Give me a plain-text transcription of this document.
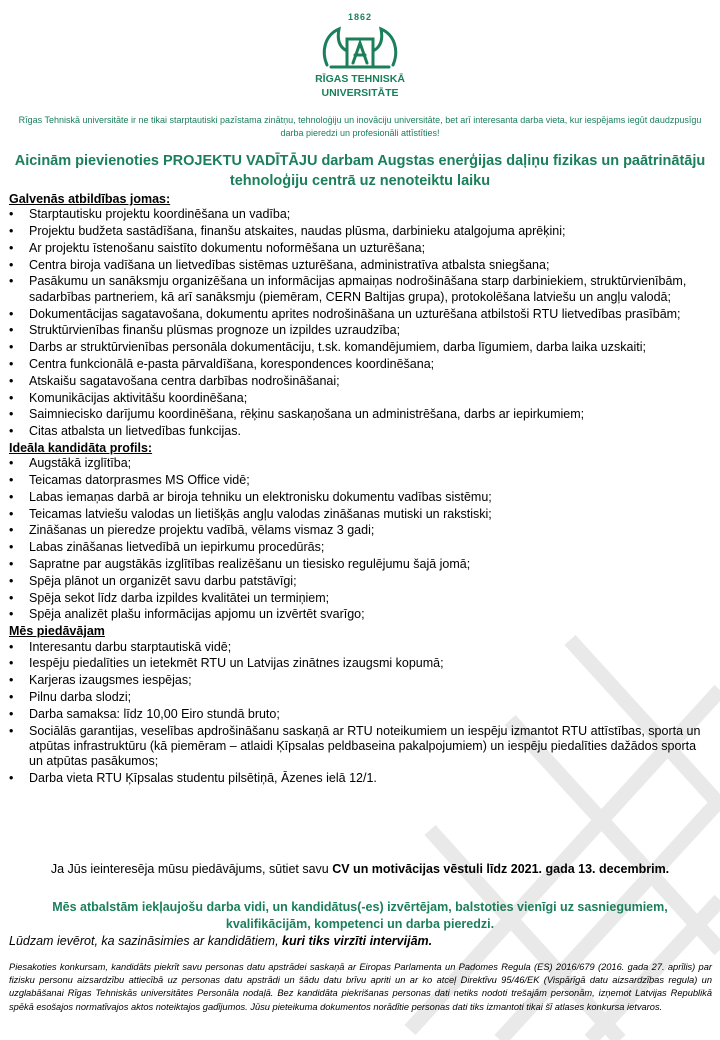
1862
RĪGAS TEHNISKĀ
UNIVERSITĀTE
Rīgas Tehniskā universitāte ir ne tikai starptautiski pazīstama zinātņu, tehnoloģiju un inovāciju universitāte, bet arī interesanta darba vieta, kur iespējams iegūt daudzpusīgu darba pieredzi un profesionāli attīstīties!
Aicinām pievienoties PROJEKTU VADĪTĀJU darbam Augstas enerģijas daļiņu fizikas un paātrinātāju tehnoloģiju centrā uz nenoteiktu laiku
Galvenās atbildības jomas:
• Starptautisku projektu koordinēšana un vadība;
• Projektu budžeta sastādīšana, finanšu atskaites, naudas plūsma, darbinieku atalgojuma aprēķini;
• Ar projektu īstenošanu saistīto dokumentu noformēšana un uzturēšana;
• Centra biroja vadīšana un lietvedības sistēmas uzturēšana, administratīva atbalsta sniegšana;
• Pasākumu un sanāksmju organizēšana un informācijas apmaiņas nodrošināšana starp darbiniekiem, struktūrvienībām, sadarbības partneriem, kā arī sanāksmju (piemēram, CERN Baltijas grupa), protokolēšana latviešu un angļu valodā;
• Dokumentācijas sagatavošana, dokumentu aprites nodrošināšana un uzturēšana atbilstoši RTU lietvedības prasībām;
• Struktūrvienības finanšu plūsmas prognoze un izpildes uzraudzība;
• Darbs ar struktūrvienības personāla dokumentāciju, t.sk. komandējumiem, darba līgumiem, darba laika uzskaiti;
• Centra funkcionālā e-pasta pārvaldīšana, korespondences koordinēšana;
• Atskaišu sagatavošana centra darbības nodrošināšanai;
• Komunikācijas aktivitāšu koordinēšana;
• Saimniecisko darījumu koordinēšana, rēķinu saskaņošana un administrēšana, darbs ar iepirkumiem;
• Citas atbalsta un lietvedības funkcijas.
Ideāla kandidāta profils:
• Augstākā izglītība;
• Teicamas datorprasmes MS Office vidē;
• Labas iemaņas darbā ar biroja tehniku un elektronisku dokumentu vadības sistēmu;
• Teicamas latviešu valodas un lietišķās angļu valodas zināšanas mutiski un rakstiski;
• Zināšanas un pieredze projektu vadībā, vēlams vismaz 3 gadi;
• Labas zināšanas lietvedībā un iepirkumu procedūrās;
• Sapratne par augstākās izglītības realizēšanu un tiesisko regulējumu šajā jomā;
• Spēja plānot un organizēt savu darbu patstāvīgi;
• Spēja sekot līdz darba izpildes kvalitātei un termiņiem;
• Spēja analizēt plašu informācijas apjomu un izvērtēt svarīgo;
Mēs piedāvājam
• Interesantu darbu starptautiskā vidē;
• Iespēju piedalīties un ietekmēt RTU un Latvijas zinātnes izaugsmi kopumā;
• Karjeras izaugsmes iespējas;
• Pilnu darba slodzi;
• Darba samaksa: līdz 10,00 Eiro stundā bruto;
• Sociālās garantijas, veselības apdrošināšanu saskaņā ar RTU noteikumiem un iespēju izmantot RTU attīstības, sporta un atpūtas infrastruktūru (kā piemēram – atlaidi Ķīpsalas peldbaseina pakalpojumiem) un iespēju piedalīties dažādos sporta un atpūtas pasākumos;
• Darba vieta RTU Ķīpsalas studentu pilsētiņā, Āzenes ielā 12/1.
Ja Jūs ieinteresēja mūsu piedāvājums, sūtiet savu CV un motivācijas vēstuli līdz 2021. gada 13. decembrim.
Mēs atbalstām iekļaujošu darba vidi, un kandidātus(-es) izvērtējam, balstoties vienīgi uz sasniegumiem, kvalifikācijām, kompetenci un darba pieredzi.
Lūdzam ievērot, ka sazināsimies ar kandidātiem, kuri tiks virzīti intervijām.
Piesakoties konkursam, kandidāts piekrīt savu personas datu apstrādei saskaņā ar Eiropas Parlamenta un Padomes Regula (ES) 2016/679 (2016. gada 27. aprīlis) par fizisku personu aizsardzību attiecībā uz personas datu apstrādi un šādu datu brīvu apriti un ar ko atceļ Direktīvu 95/46/EK (Vispārīgā datu aizsardzības regula) un uzglabāšanai Rīgas Tehniskās universitātes Personāla nodaļā. Bez kandidāta piekrišanas personas dati netiks nodoti trešajām personām, izņemot Latvijas Republikā spēkā esošajos normatīvajos aktos noteiktajos gadījumos. Jūsu pieteikuma dokumentos norādītie personas dati tiks izmantoti tikai šī atlases konkursa ietvaros.
